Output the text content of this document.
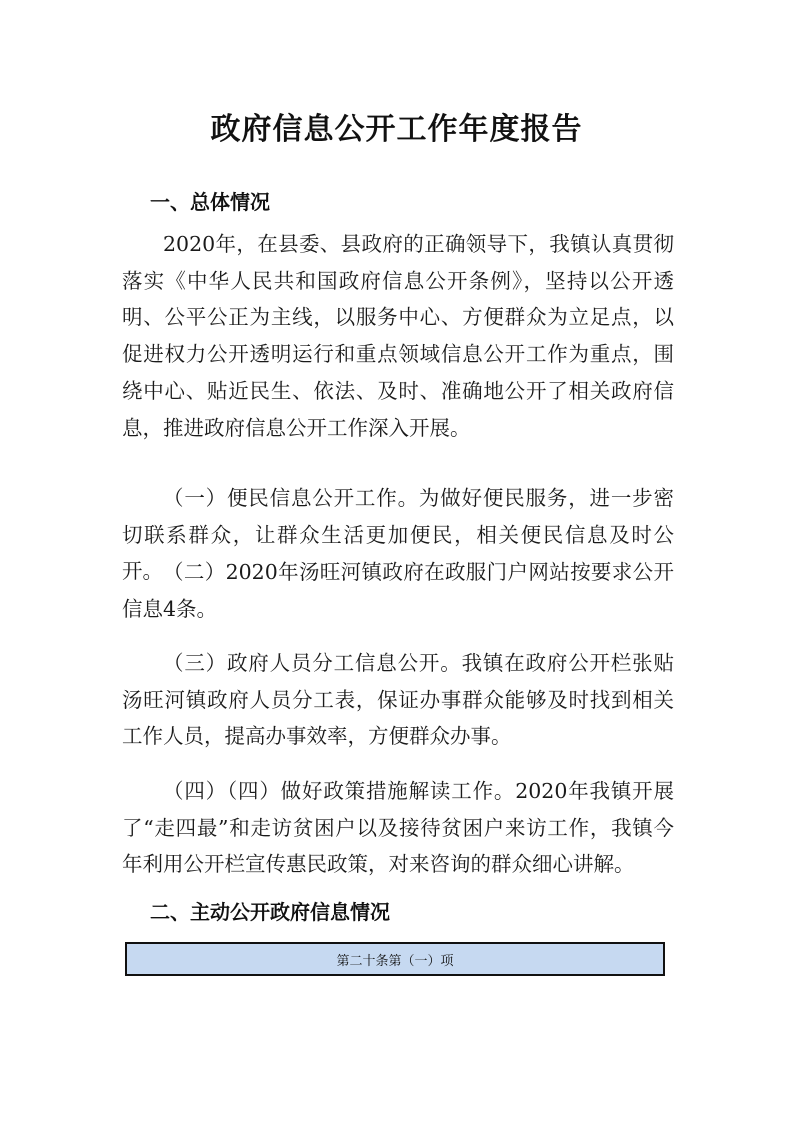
政府信息公开工作年度报告
一、总体情况

2020年，在县委、县政府的正确领导下，我镇认真贯彻落实《中华人民共和国政府信息公开条例》，坚持以公开透明、公平公正为主线，以服务中心、方便群众为立足点，以促进权力公开透明运行和重点领域信息公开工作为重点，围绕中心、贴近民生、依法、及时、准确地公开了相关政府信息，推进政府信息公开工作深入开展。

（一）便民信息公开工作。为做好便民服务，进一步密切联系群众，让群众生活更加便民，相关便民信息及时公开。 （二）2020年汤旺河镇政府在政服门户网站按要求公开信息4条。

（三）政府人员分工信息公开。我镇在政府公开栏张贴汤旺河镇政府人员分工表，保证办事群众能够及时找到相关工作人员，提高办事效率，方便群众办事。

（四）（四）做好政策措施解读工作。2020年我镇开展了“走四最”和走访贫困户以及接待贫困户来访工作，我镇今年利用公开栏宣传惠民政策，对来咨询的群众细心讲解。

二、主动公开政府信息情况
第二十条第（一）项
